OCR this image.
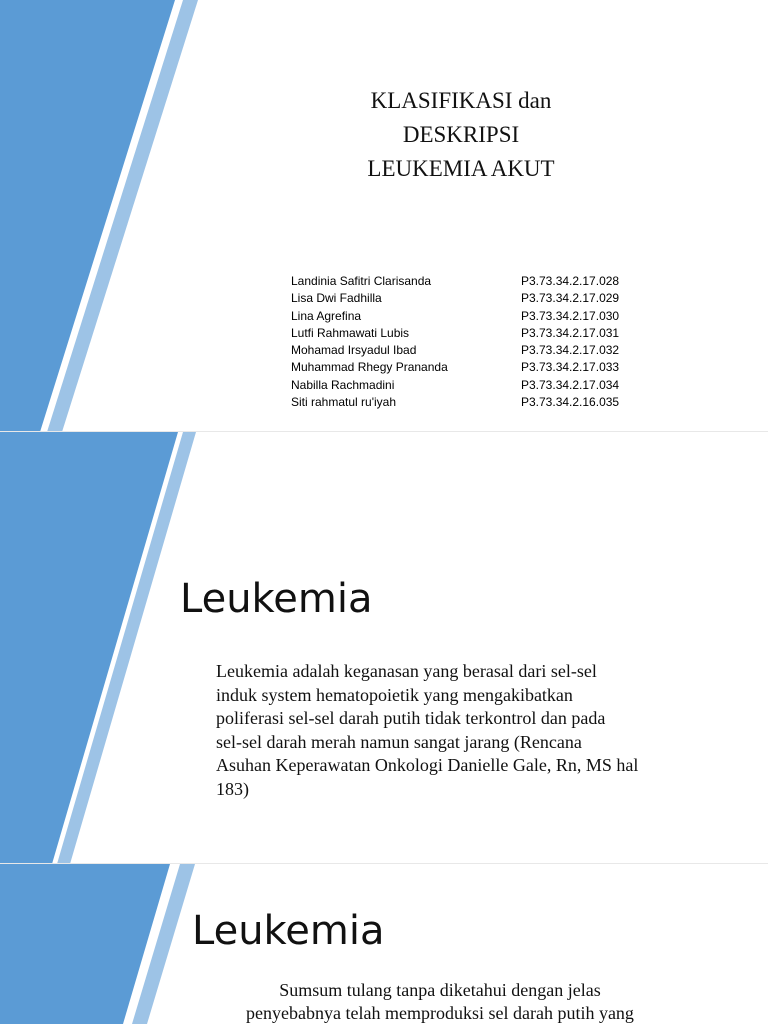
KLASIFIKASI dan
DESKRIPSI
LEUKEMIA AKUT
Landinia Safitri Clarisanda	P3.73.34.2.17.028
Lisa Dwi Fadhilla	P3.73.34.2.17.029
Lina Agrefina	P3.73.34.2.17.030
Lutfi Rahmawati Lubis	P3.73.34.2.17.031
Mohamad Irsyadul Ibad	P3.73.34.2.17.032
Muhammad Rhegy Prananda	P3.73.34.2.17.033
Nabilla Rachmadini	P3.73.34.2.17.034
Siti rahmatul ru'iyah	P3.73.34.2.16.035
Leukemia
Leukemia adalah keganasan yang berasal dari sel-sel
induk system hematopoietik yang mengakibatkan
poliferasi sel-sel darah putih tidak terkontrol dan pada
sel-sel darah merah namun sangat jarang (Rencana
Asuhan Keperawatan Onkologi Danielle Gale, Rn, MS hal
183)
Leukemia
Sumsum tulang tanpa diketahui dengan jelas
penyebabnya telah memproduksi sel darah putih yang
